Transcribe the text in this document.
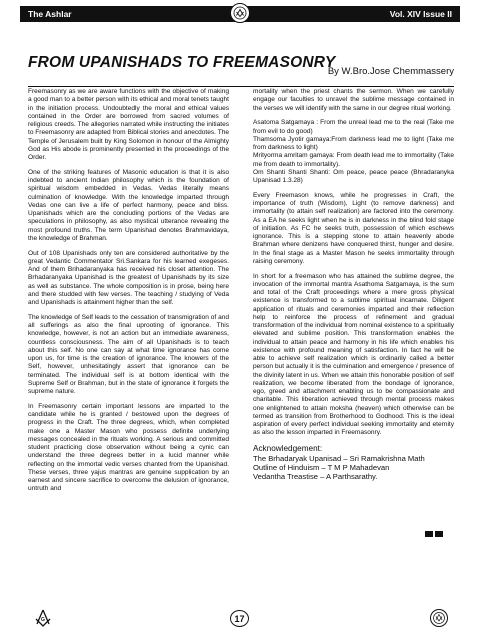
The Ashlar	Vol. XIV Issue II
FROM UPANISHADS TO FREEMASONRY
By W.Bro.Jose Chemmassery

Freemasonry as we are aware functions with the objective of making a good man to a better person with its ethical and moral tenets taught in the initiation process. Undoubtedly the moral and ethical values contained in the Order are borrowed from sacred volumes of religious creeds. The allegories narrated while instructing the initiates to Freemasonry are adapted from Biblical stories and anecdotes. The Temple of Jerusalem built by King Solomon in honour of the Almighty God as His abode is prominently presented in the proceedings of the Order.

One of the striking features of Masonic education is that it is also indebted to ancient Indian philosophy which is the foundation of spiritual wisdom embedded in Vedas. Vedas literally means culmination of knowledge. With the knowledge imparted through Vedas one can live a life of perfect harmony, peace and bliss. Upanishads which are the concluding portions of the Vedas are speculations in philosophy, as also mystical utterance revealing the most profound truths. The term Upanishad denotes Brahmavidaya, the knowledge of Brahman.

Out of 108 Upanishads only ten are considered authoritative by the great Vedantic Commentator Sri.Sankara for his learned exegeses. And of them Brihadaranyaka has received his closet attention. The Brhadaranyaka Upanishad is the greatest of Upanishads by its size as well as substance. The whole composition is in prose, being here and there studded with few verses. The teaching / studying of Veda and Upanishads is attainment higher than the self.

The knowledge of Self leads to the cessation of transmigration of and all sufferings as also the final uprooting of ignorance. This knowledge, however, is not an action but an immediate awareness, countless consciousness. The aim of all Upanishads is to teach about this self. No one can say at what time ignorance has come upon us, for time is the creation of ignorance. The knowers of the Self, however, unhesitatingly assert that ignorance can be terminated. The individual self is at bottom identical with the Supreme Self or Brahman, but in the state of ignorance it forgets the supreme nature.

In Freemasonry certain important lessons are imparted to the candidate while he is granted / bestowed upon the degrees of progress in the Craft. The three degrees, which, when completed make one a Master Mason who possess definite underlying messages concealed in the rituals working. A serious and committed student practicing close observation without being a cynic can understand the three degrees better in a lucid manner while reflecting on the immortal vedic verses chanted from the Upanishad. These verses, three yajus mantras are genuine supplication by an earnest and sincere sacrifice to overcome the delusion of ignorance, untruth and

mortality when the priest chants the sermon. When we carefully engage our faculties to unravel the sublime message contained in the verses we will identify with the same in our degree ritual working.

Asatoma Satgamaya : From the unreal lead me to the real (Take me from evil to do good)

Thamsoma Jyotir gamaya:From darkness lead me to light (Take me from darkness to light)

Mrityorma amritam gamaya: From death lead me to immortality (Take me from death to immortality).

Om Shanti Shanti Shanti: Om peace, peace peace (Bhradaranyka Upanisad 1.3.28)

Every Freemason knows, while he progresses in Craft, the importance of truth (Wisdom), Light (to remove darkness) and immortality (to attain self realization) are factored into the ceremony. As a EA he seeks light when he is in darkness in the blind fold stage of initiation. As FC he seeks truth, possession of which eschews ignorance. This is a stepping stone to attain heavenly abode Brahman where denizens have conquered thirst, hunger and desire. In the final stage as a Master Mason he seeks immortality through raising ceremony.

In short for a freemason who has attained the sublime degree, the invocation of the immortal mantra Asathoma Satgamaya, is the sum and total of the Craft proceedings where a mere gross physical existence is transformed to a sublime spiritual incarnate. Diligent application of rituals and ceremonies imparted and their reflection help to reinforce the process of refinement and gradual transformation of the individual from nominal existence to a spiritually elevated and sublime position. This transformation enables the individual to attain peace and harmony in his life which enables his existence with profound meaning of satisfaction. In fact he will be able to achieve self realization which is ordinarily called a better person but actually it is the culmination and emergence / presence of the divinity latent in us. When we attain this honorable position of self realization, we become liberated from the bondage of ignorance, ego, greed and attachment enabling us to be compassionate and charitable. This liberation achieved through mental process makes one enlightened to attain moksha (heaven) which otherwise can be termed as transition from Brotherhood to Godhood. This is the ideal aspiration of every perfect individual seeking immortality and eternity as also the lesson imparted in Freemasonry.

Acknowledgement:
The Brhadaryak Upanisad – Sri Ramakrishna Math
Outline of Hinduism – T M P Mahadevan
Vedantha Treastise – A Parthsarathy.
G	17
